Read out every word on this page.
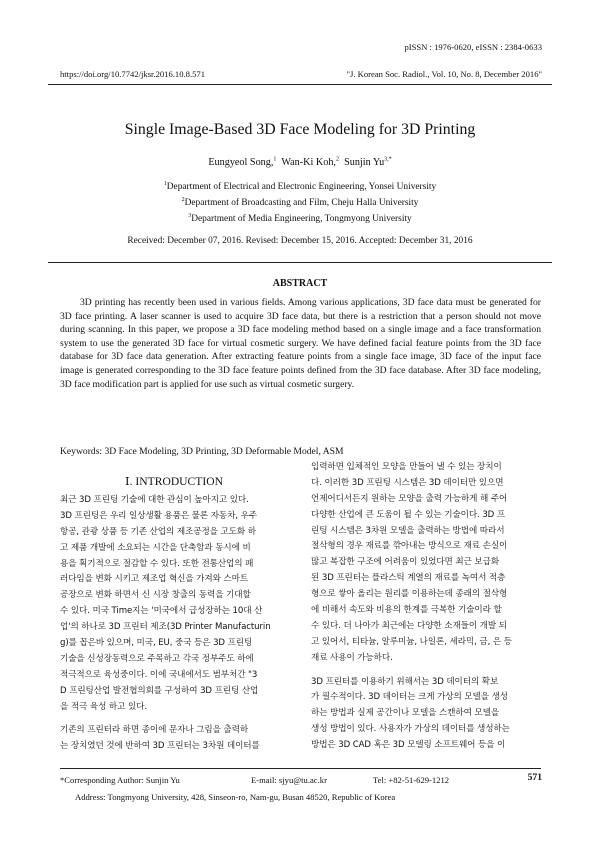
pISSN : 1976-0620, eISSN : 2384-0633
https://doi.org/10.7742/jksr.2016.10.8.571	"J. Korean Soc. Radiol., Vol. 10, No. 8, December 2016"
Single Image-Based 3D Face Modeling for 3D Printing
Eungyeol Song,$^1$ Wan-Ki Koh,$^2$ Sunjin $Yu^{3,*}$
$^1$Department of Electrical and Electronic Engineering, Yonsei University
$^2$Department of Broadcasting and Film, Cheju Halla University
$^3$Department of Media Engineering, Tongmyong University
Received: December 07, 2016. Revised: December 15, 2016. Accepted: December 31, 2016
ABSTRACT
3D printing has recently been used in various fields. Among various applications, 3D face data must be generated for 3D face printing. A laser scanner is used to acquire 3D face data, but there is a restriction that a person should not move during scanning. In this paper, we propose a 3D face modeling method based on a single image and a face transformation system to use the generated 3D face for virtual cosmetic surgery. We have defined facial feature points from the 3D face database for 3D face data generation. After extracting feature points from a single face image, 3D face of the input face image is generated corresponding to the 3D face feature points defined from the 3D face database. After 3D face modeling, 3D face modification part is applied for use such as virtual cosmetic surgery.
Keywords: 3D Face Modeling, 3D Printing, 3D Deformable Model, ASM
Ⅰ. INTRODUCTION
최근 3D 프린팅 기술에 대한 관심이 높아지고 있다.
3D 프린팅은 우리 일상생활 용품은 물론 자동차, 우주
항공, 관광 상품 등 기존 산업의 제조공정을 고도화 하
고 제품 개발에 소요되는 시간을 단축함과 동시에 비
용을 획기적으로 절감할 수 있다. 또한 전통산업의 패
러다임을 변화 시키고 제조업 혁신을 가져와 스마트
공장으로 변화 하면서 신 시장 창출의 동력을 기대할
수 있다. 미국 Time지는 '미국에서 급성장하는 10대 산
업'의 하나로 3D 프린터 제조(3D Printer Manufacturin
g)를 꼽은바 있으며, 미국, EU, 중국 등은 3D 프린팅
기술을 신성장동력으로 주목하고 각국 정부주도 하에
적극적으로 육성중이다. 이에 국내에서도 범부처간 "3
D 프린팅산업 발전협의회를 구성하여 3D 프린팅 산업
을 적극 육성 하고 있다.
기존의 프린터라 하면 종이에 문자나 그림을 출력하
는 장치였던 것에 반하여 3D 프린터는 3차원 데이터를
입력하면 입체적인 모양을 만들어 낼 수 있는 장치이
다. 이러한 3D 프린팅 시스템은 3D 데이터만 있으면
언제어디서든지 원하는 모양을 출력 가능하게 해 주어
다양한 산업에 큰 도움이 될 수 있는 기술이다. 3D 프
린팅 시스템은 3차원 모델을 출력하는 방법에 따라서
절삭형의 경우 재료를 깎아내는 방식으로 재료 손실이
많고 복잡한 구조에 어려움이 있었다면 최근 보급화
된 3D 프린터는 플라스틱 계열의 재료를 녹여서 적층
형으로 쌓아 올리는 원리를 이용하는데 종래의 절삭형
에 비해서 속도와 비용의 한계를 극복한 기술이라 할
수 있다. 더 나아가 최근에는 다양한 소재들이 개발 되
고 있어서, 티타늄, 알루미늄, 나일론, 세라믹, 금, 은 등
재료 사용이 가능하다.
3D 프린터를 이용하기 위해서는 3D 데이터의 확보
가 필수적이다. 3D 데이터는 크게 가상의 모델을 생성
하는 방법과 실제 공간이나 모델을 스캔하여 모델을
생성 방법이 있다. 사용자가 가상의 데이터를 생성하는
방법은 3D CAD 혹은 3D 모델링 소프트웨어 등을 이
*Corresponding Author: Sunjin Yu	E-mail: sjyu@tu.ac.kr	Tel: +82-51-629-1212	571
Address: Tongmyong University, 428, Sinseon-ro, Nam-gu, Busan 48520, Republic of Korea
